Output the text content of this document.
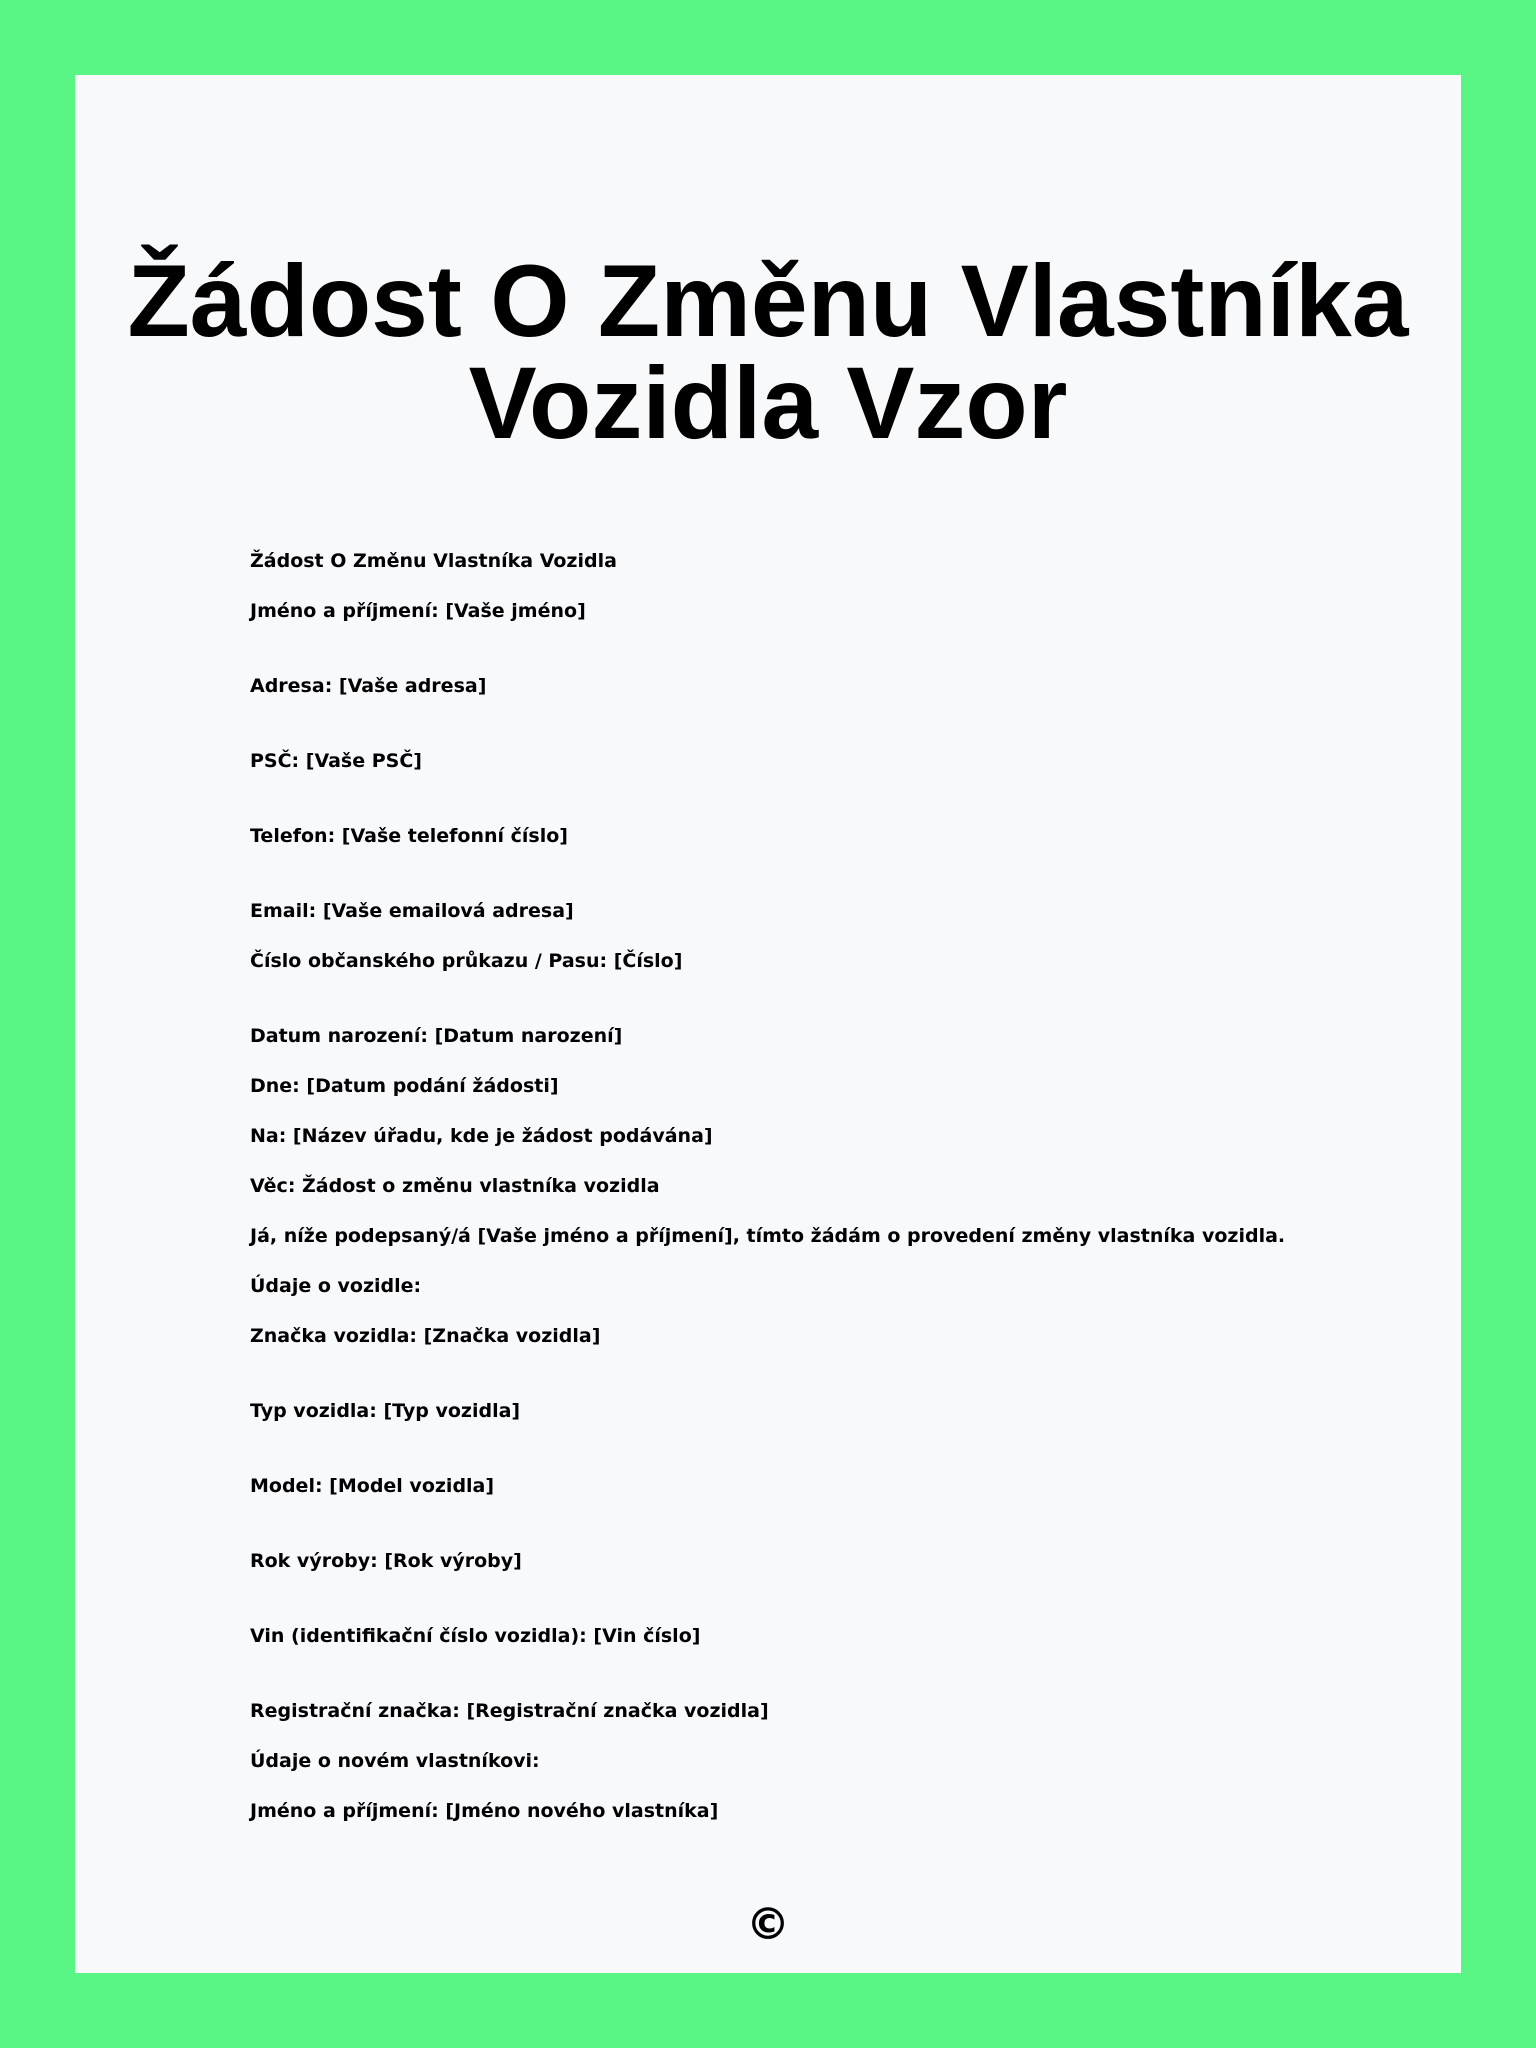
Žádost O Změnu Vlastníka
Vozidla Vzor

Žádost O Změnu Vlastníka Vozidla

Jméno a příjmení: [Vaše jméno]

Adresa: [Vaše adresa]

PSČ: [Vaše PSČ]

Telefon: [Vaše telefonní číslo]

Email: [Vaše emailová adresa]

Číslo občanského průkazu / Pasu: [Číslo]

Datum narození: [Datum narození]

Dne: [Datum podání žádosti]

Na: [Název úřadu, kde je žádost podávána]

Věc: Žádost o změnu vlastníka vozidla

Já, níže podepsaný/á [Vaše jméno a příjmení], tímto žádám o provedení změny vlastníka vozidla.

Údaje o vozidle:

Značka vozidla: [Značka vozidla]

Typ vozidla: [Typ vozidla]

Model: [Model vozidla]

Rok výroby: [Rok výroby]

Vin (identifikační číslo vozidla): [Vin číslo]

Registrační značka: [Registrační značka vozidla]

Údaje o novém vlastníkovi:

Jméno a příjmení: [Jméno nového vlastníka]

©
